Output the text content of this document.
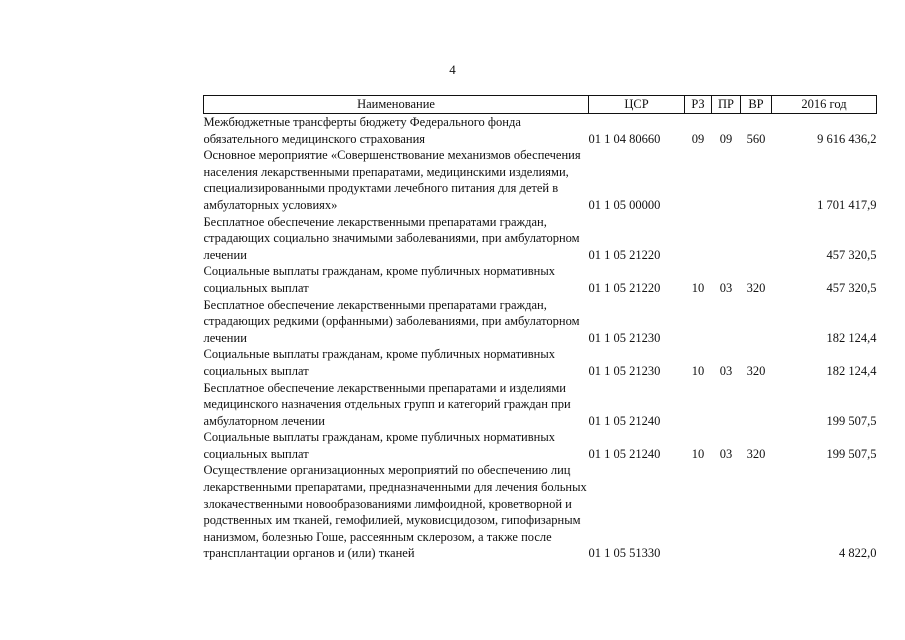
4
Наименование	ЦСР	РЗ	ПР	ВР	2016 год
Межбюджетные трансферты бюджету Федерального фонда обязательного медицинского страхования	01 1 04 80660	09	09	560	9 616 436,2
Основное мероприятие «Совершенствование механизмов обеспечения населения лекарственными препаратами, медицинскими изделиями, специализированными продуктами лечебного питания для детей в амбулаторных условиях»	01 1 05 00000				1 701 417,9
Бесплатное обеспечение лекарственными препаратами граждан, страдающих социально значимыми заболеваниями, при амбулаторном лечении	01 1 05 21220				457 320,5
Социальные выплаты гражданам, кроме публичных нормативных социальных выплат	01 1 05 21220	10	03	320	457 320,5
Бесплатное обеспечение лекарственными препаратами граждан, страдающих редкими (орфанными) заболеваниями, при амбулаторном лечении	01 1 05 21230				182 124,4
Социальные выплаты гражданам, кроме публичных нормативных социальных выплат	01 1 05 21230	10	03	320	182 124,4
Бесплатное обеспечение лекарственными препаратами и изделиями медицинского назначения отдельных групп и категорий граждан при амбулаторном лечении	01 1 05 21240				199 507,5
Социальные выплаты гражданам, кроме публичных нормативных социальных выплат	01 1 05 21240	10	03	320	199 507,5
Осуществление организационных мероприятий по обеспечению лиц лекарственными препаратами, предназначенными для лечения больных злокачественными новообразованиями лимфоидной, кроветворной и родственных им тканей, гемофилией, муковисцидозом, гипофизарным нанизмом, болезнью Гоше, рассеянным склерозом, а также после трансплантации органов и (или) тканей	01 1 05 51330				4 822,0
